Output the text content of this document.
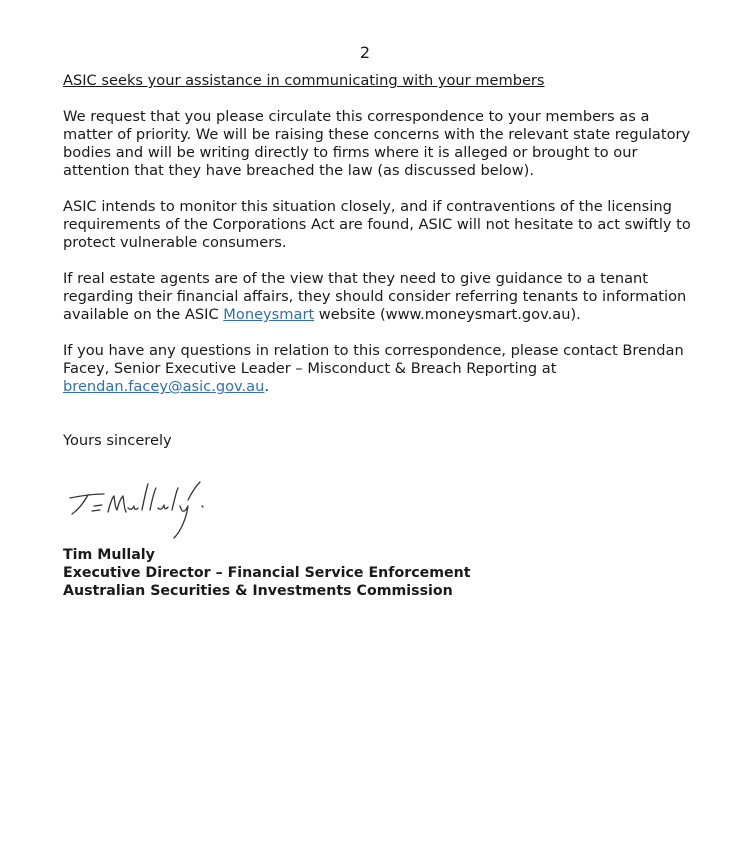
2
ASIC seeks your assistance in communicating with your members

We request that you please circulate this correspondence to your members as a matter of priority. We will be raising these concerns with the relevant state regulatory bodies and will be writing directly to firms where it is alleged or brought to our attention that they have breached the law (as discussed below).

ASIC intends to monitor this situation closely, and if contraventions of the licensing requirements of the Corporations Act are found, ASIC will not hesitate to act swiftly to protect vulnerable consumers.

If real estate agents are of the view that they need to give guidance to a tenant regarding their financial affairs, they should consider referring tenants to information available on the ASIC Moneysmart website (www.moneysmart.gov.au).

If you have any questions in relation to this correspondence, please contact Brendan Facey, Senior Executive Leader – Misconduct & Breach Reporting at brendan.facey@asic.gov.au.

Yours sincerely
Tim Mullaly
Executive Director – Financial Service Enforcement
Australian Securities & Investments Commission
